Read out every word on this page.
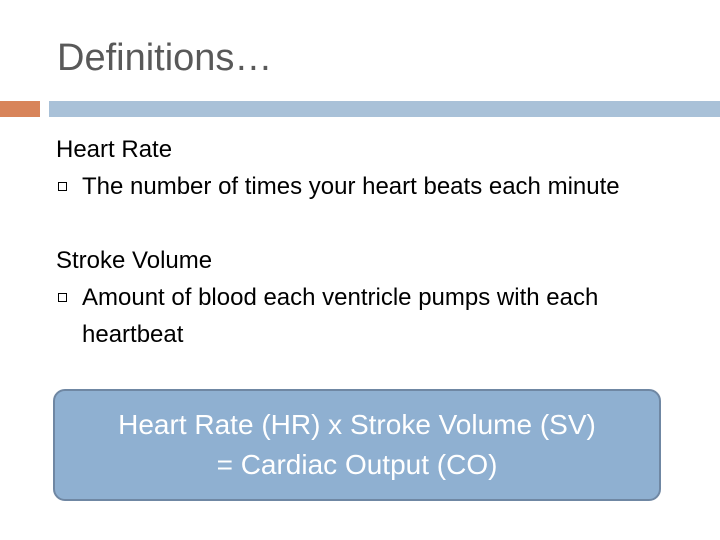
Definitions…
Heart Rate
The number of times your heart beats each minute
Stroke Volume
Amount of blood each ventricle pumps with each heartbeat
Heart Rate (HR) x Stroke Volume (SV)
= Cardiac Output (CO)
